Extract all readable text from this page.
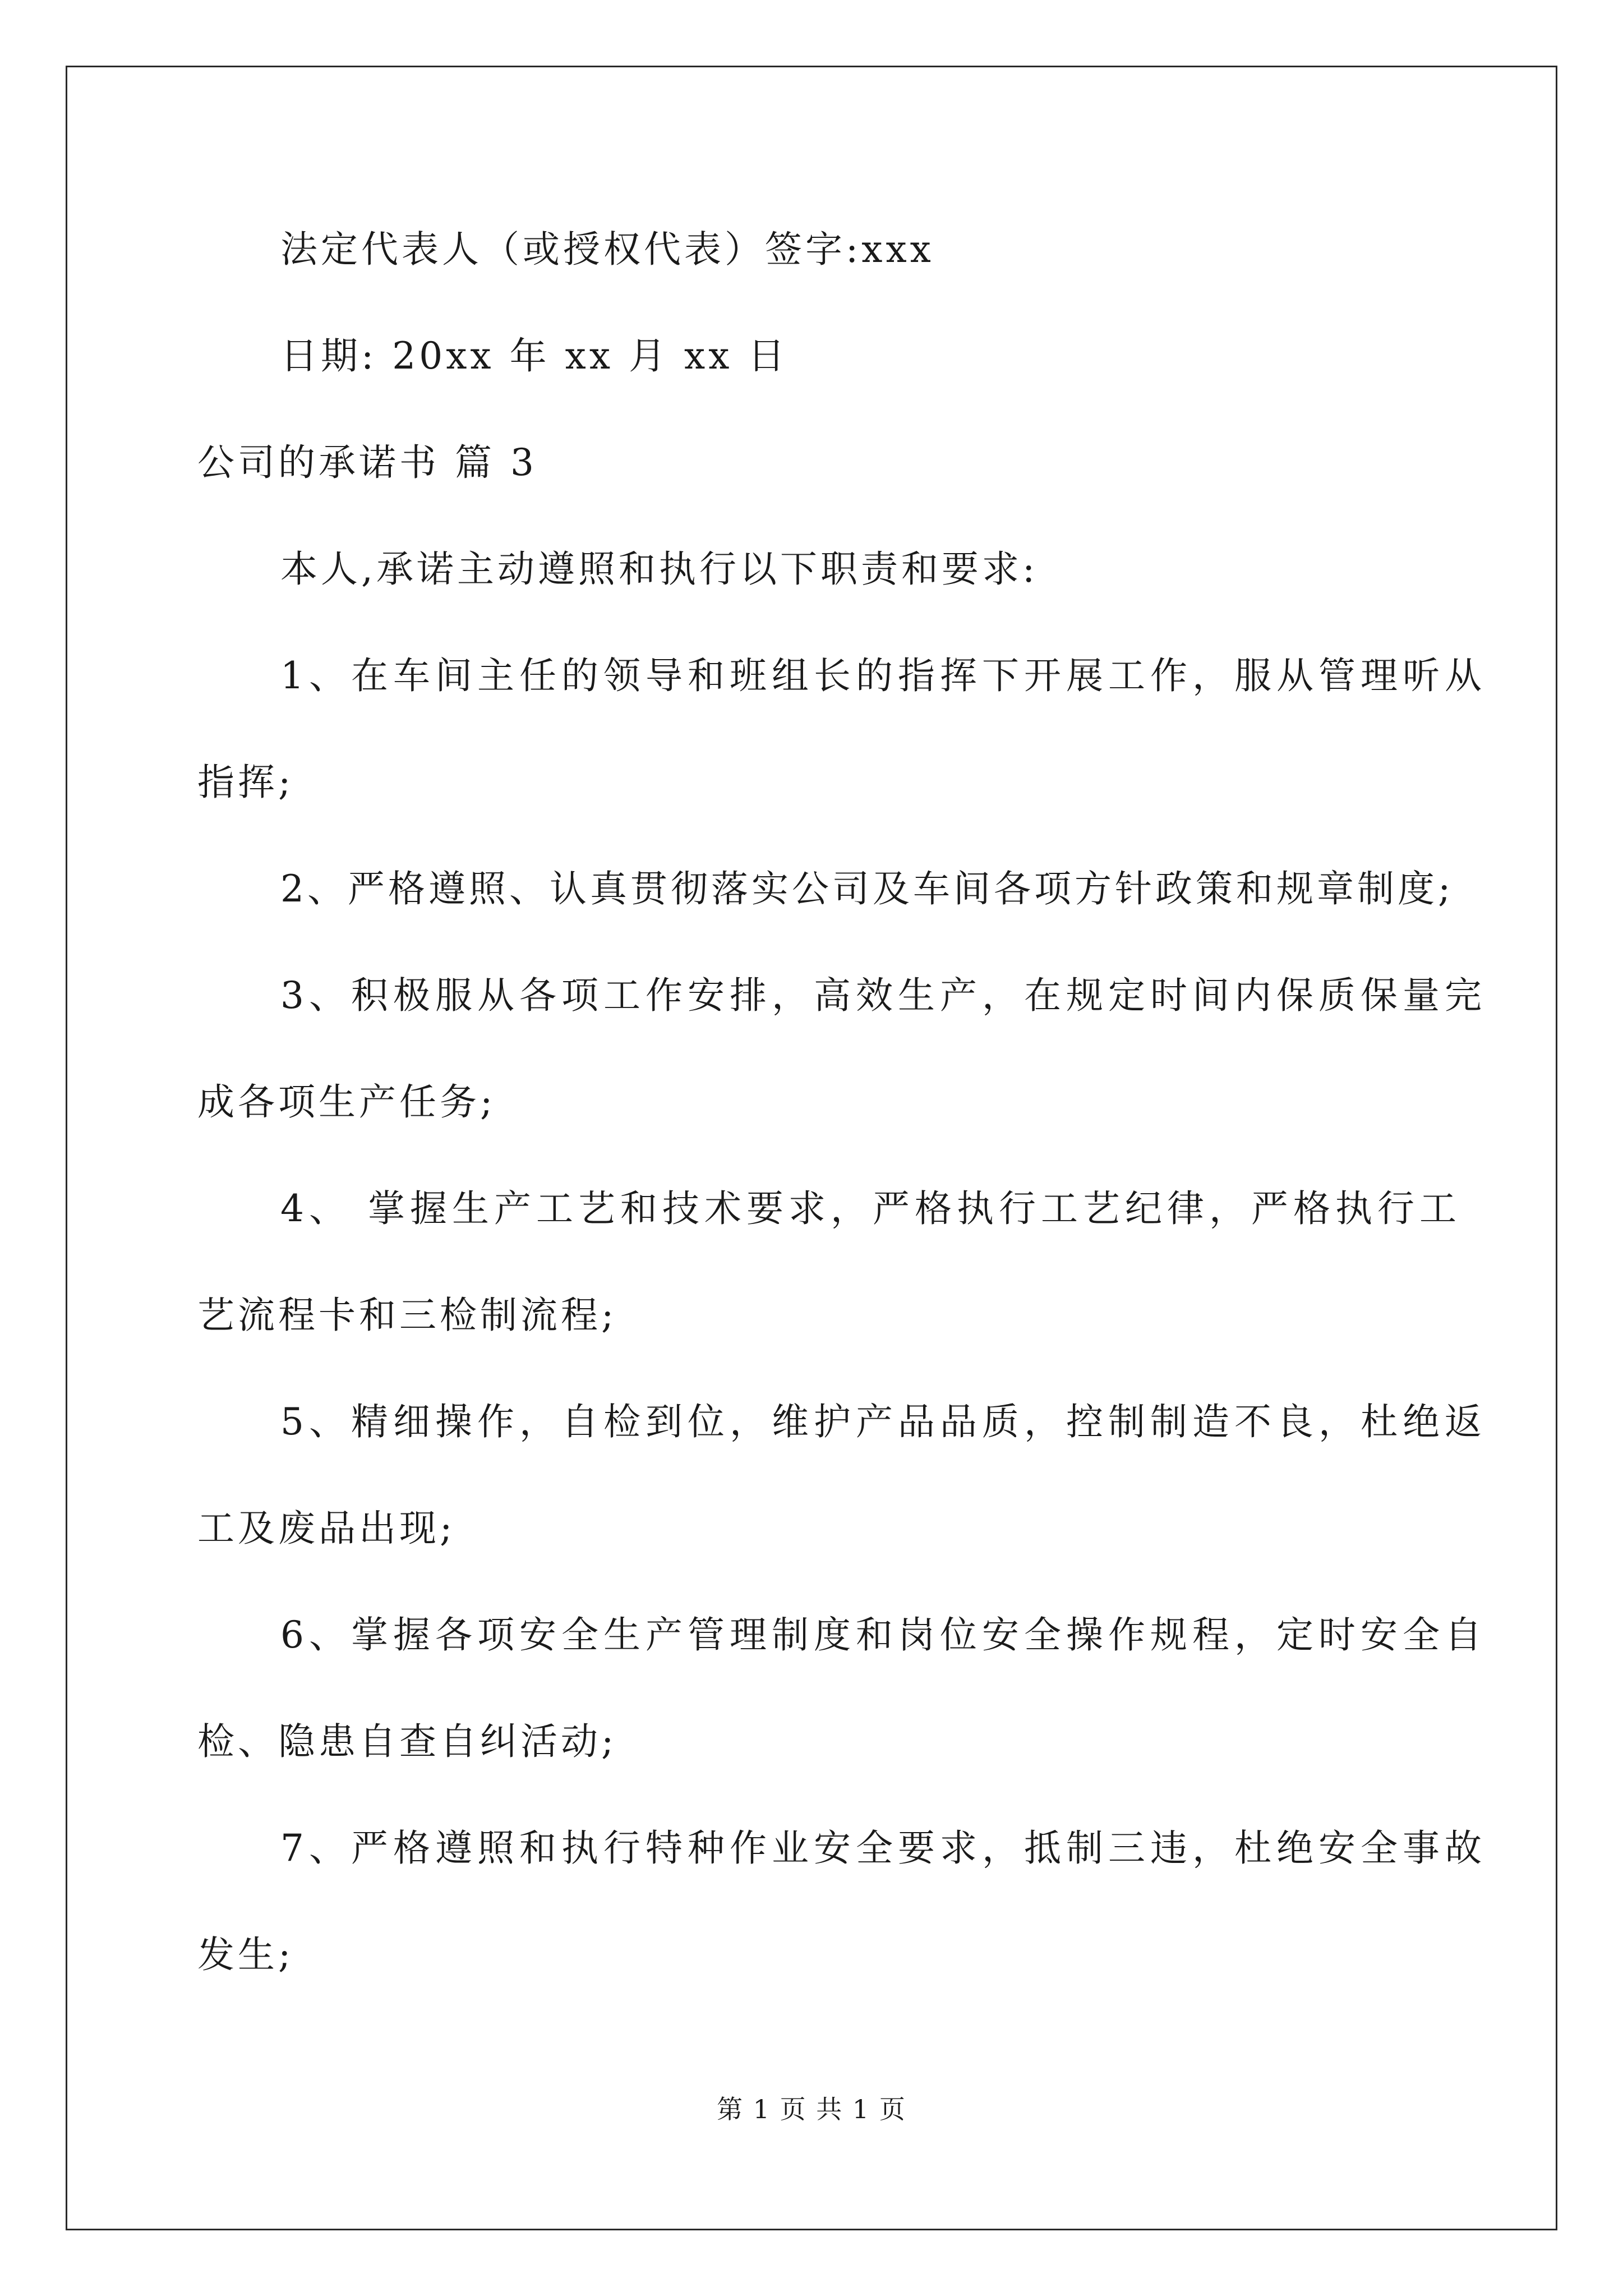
法定代表人（或授权代表）签字:xxx
日期: 20xx 年 xx 月 xx 日
公司的承诺书 篇 3
本人,承诺主动遵照和执行以下职责和要求:
1、在车间主任的领导和班组长的指挥下开展工作，服从管理听从
指挥;
2、严格遵照、认真贯彻落实公司及车间各项方针政策和规章制度;
3、积极服从各项工作安排，高效生产，在规定时间内保质保量完
成各项生产任务;
4、 掌握生产工艺和技术要求，严格执行工艺纪律，严格执行工
艺流程卡和三检制流程;
5、精细操作，自检到位，维护产品品质，控制制造不良，杜绝返
工及废品出现;
6、掌握各项安全生产管理制度和岗位安全操作规程，定时安全自
检、隐患自查自纠活动;
7、严格遵照和执行特种作业安全要求，抵制三违，杜绝安全事故
发生;
第 1 页 共 1 页
